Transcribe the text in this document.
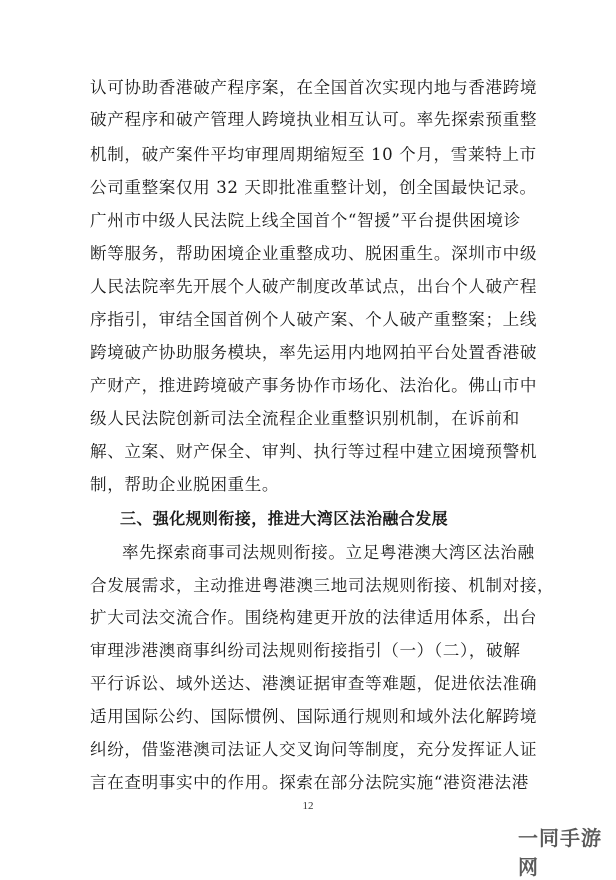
认可协助香港破产程序案，在全国首次实现内地与香港跨境
破产程序和破产管理人跨境执业相互认可。率先探索预重整
机制，破产案件平均审理周期缩短至 10 个月，雪莱特上市
公司重整案仅用 32 天即批准重整计划，创全国最快记录。
广州市中级人民法院上线全国首个“智援”平台提供困境诊
断等服务，帮助困境企业重整成功、脱困重生。深圳市中级
人民法院率先开展个人破产制度改革试点，出台个人破产程
序指引，审结全国首例个人破产案、个人破产重整案；上线
跨境破产协助服务模块，率先运用内地网拍平台处置香港破
产财产，推进跨境破产事务协作市场化、法治化。佛山市中
级人民法院创新司法全流程企业重整识别机制，在诉前和
解、立案、财产保全、审判、执行等过程中建立困境预警机
制，帮助企业脱困重生。
三、强化规则衔接，推进大湾区法治融合发展
率先探索商事司法规则衔接。立足粤港澳大湾区法治融
合发展需求，主动推进粤港澳三地司法规则衔接、机制对接，
扩大司法交流合作。围绕构建更开放的法律适用体系，出台
审理涉港澳商事纠纷司法规则衔接指引（一）（二），破解
平行诉讼、域外送达、港澳证据审查等难题，促进依法准确
适用国际公约、国际惯例、国际通行规则和域外法化解跨境
纠纷，借鉴港澳司法证人交叉询问等制度，充分发挥证人证
言在查明事实中的作用。探索在部分法院实施“港资港法港
12
一同手游网
